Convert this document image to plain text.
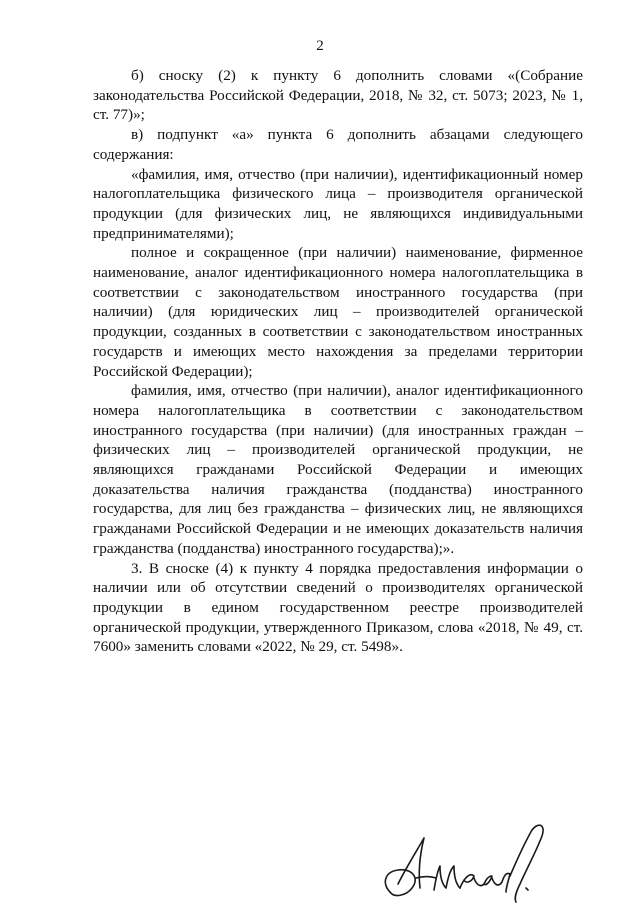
2

б) сноску (2) к пункту 6 дополнить словами «(Собрание законодательства Российской Федерации, 2018, № 32, ст. 5073; 2023, № 1, ст. 77)»;

в) подпункт «а» пункта 6 дополнить абзацами следующего содержания:

«фамилия, имя, отчество (при наличии), идентификационный номер налогоплательщика физического лица – производителя органической продукции (для физических лиц, не являющихся индивидуальными предпринимателями);

полное и сокращенное (при наличии) наименование, фирменное наименование, аналог идентификационного номера налогоплательщика в соответствии с законодательством иностранного государства (при наличии) (для юридических лиц – производителей органической продукции, созданных в соответствии с законодательством иностранных государств и имеющих место нахождения за пределами территории Российской Федерации);

фамилия, имя, отчество (при наличии), аналог идентификационного номера налогоплательщика в соответствии с законодательством иностранного государства (при наличии) (для иностранных граждан – физических лиц – производителей органической продукции, не являющихся гражданами Российской Федерации и имеющих доказательства наличия гражданства (подданства) иностранного государства, для лиц без гражданства – физических лиц, не являющихся гражданами Российской Федерации и не имеющих доказательств наличия гражданства (подданства) иностранного государства);».

3. В сноске (4) к пункту 4 порядка предоставления информации о наличии или об отсутствии сведений о производителях органической продукции в едином государственном реестре производителей органической продукции, утвержденного Приказом, слова «2018, № 49, ст. 7600» заменить словами «2022, № 29, ст. 5498».
